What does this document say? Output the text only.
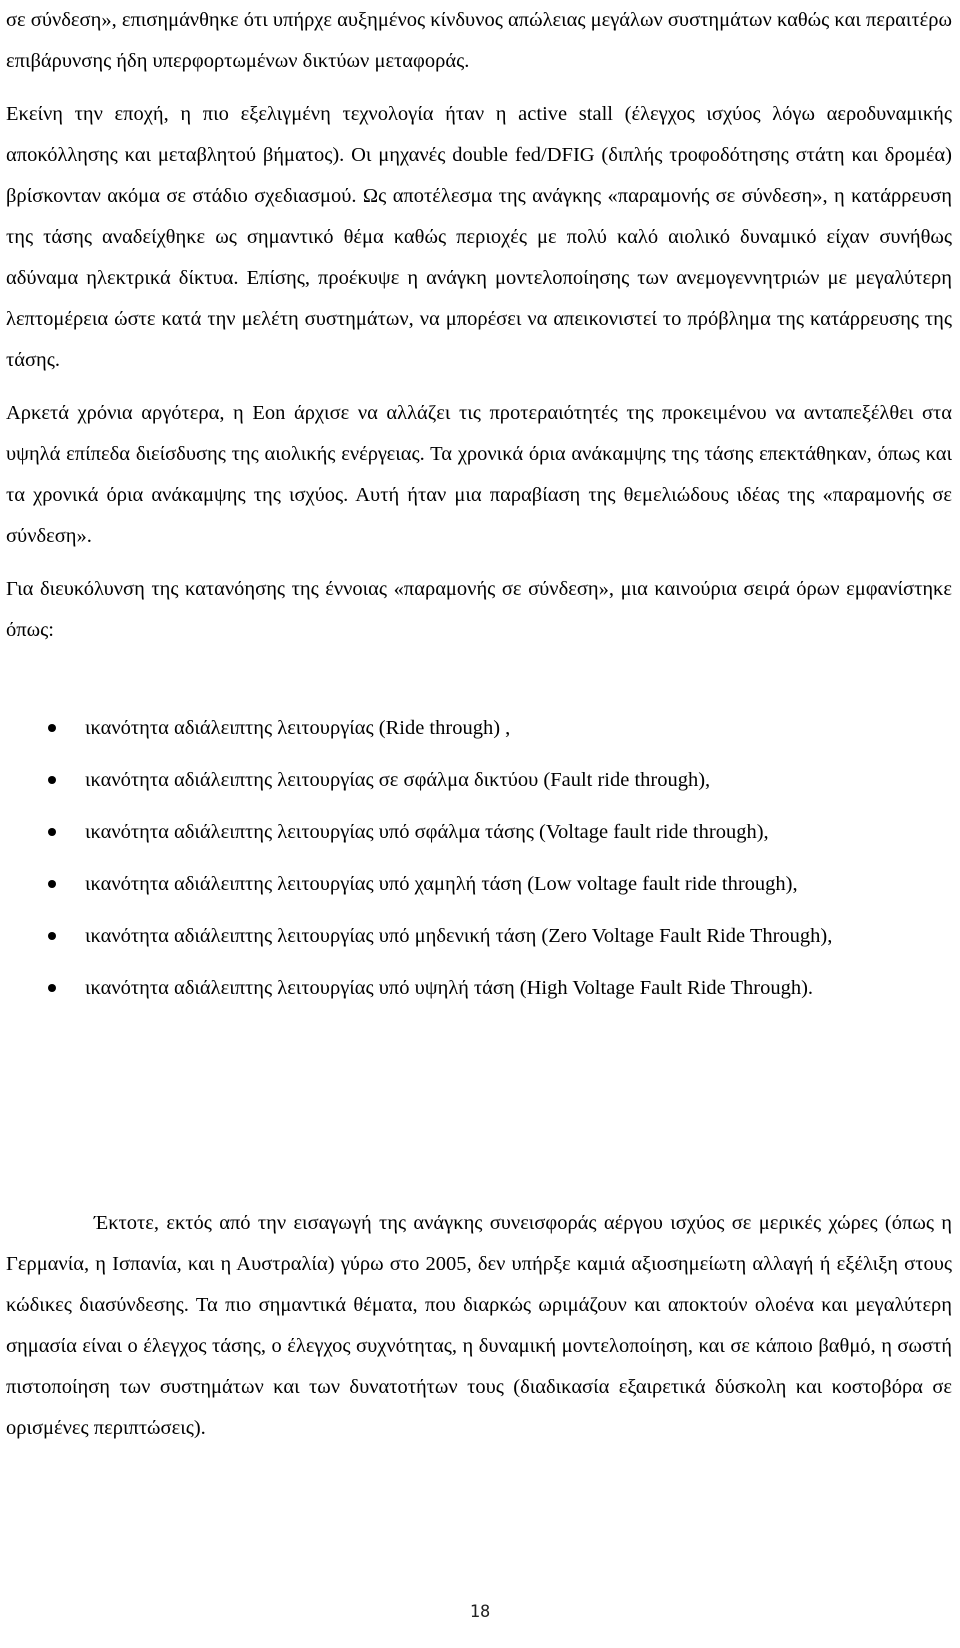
σε σύνδεση», επισημάνθηκε ότι υπήρχε αυξημένος κίνδυνος απώλειας μεγάλων συστημάτων καθώς και περαιτέρω επιβάρυνσης ήδη υπερφορτωμένων δικτύων μεταφοράς.

Εκείνη την εποχή, η πιο εξελιγμένη τεχνολογία ήταν η active stall (έλεγχος ισχύος λόγω αεροδυναμικής αποκόλλησης και μεταβλητού βήματος). Οι μηχανές double fed/DFIG (διπλής τροφοδότησης στάτη και δρομέα) βρίσκονταν ακόμα σε στάδιο σχεδιασμού. Ως αποτέλεσμα της ανάγκης «παραμονής σε σύνδεση», η κατάρρευση της τάσης αναδείχθηκε ως σημαντικό θέμα καθώς περιοχές με πολύ καλό αιολικό δυναμικό είχαν συνήθως αδύναμα ηλεκτρικά δίκτυα. Επίσης, προέκυψε η ανάγκη μοντελοποίησης των ανεμογεννητριών με μεγαλύτερη λεπτομέρεια ώστε κατά την μελέτη συστημάτων, να μπορέσει να απεικονιστεί το πρόβλημα της κατάρρευσης της τάσης.

Αρκετά χρόνια αργότερα, η Eon άρχισε να αλλάζει τις προτεραιότητές της προκειμένου να ανταπεξέλθει στα υψηλά επίπεδα διείσδυσης της αιολικής ενέργειας. Τα χρονικά όρια ανάκαμψης της τάσης επεκτάθηκαν, όπως και τα χρονικά όρια ανάκαμψης της ισχύος. Αυτή ήταν μια παραβίαση της θεμελιώδους ιδέας της «παραμονής σε σύνδεση».

Για διευκόλυνση της κατανόησης της έννοιας «παραμονής σε σύνδεση», μια καινούρια σειρά όρων εμφανίστηκε όπως:

ικανότητα αδιάλειπτης λειτουργίας (Ride through) ,
ικανότητα αδιάλειπτης λειτουργίας σε σφάλμα δικτύου (Fault ride through),
ικανότητα αδιάλειπτης λειτουργίας υπό σφάλμα τάσης (Voltage fault ride through),
ικανότητα αδιάλειπτης λειτουργίας υπό χαμηλή τάση (Low voltage fault ride through),
ικανότητα αδιάλειπτης λειτουργίας υπό μηδενική τάση (Zero Voltage Fault Ride Through),
ικανότητα αδιάλειπτης λειτουργίας υπό υψηλή τάση (High Voltage Fault Ride Through).

Έκτοτε, εκτός από την εισαγωγή της ανάγκης συνεισφοράς αέργου ισχύος σε μερικές χώρες (όπως η Γερμανία, η Ισπανία, και η Αυστραλία) γύρω στο 2005, δεν υπήρξε καμιά αξιοσημείωτη αλλαγή ή εξέλιξη στους κώδικες διασύνδεσης. Τα πιο σημαντικά θέματα, που διαρκώς ωριμάζουν και αποκτούν ολοένα και μεγαλύτερη σημασία είναι ο έλεγχος τάσης, ο έλεγχος συχνότητας, η δυναμική μοντελοποίηση, και σε κάποιο βαθμό, η σωστή πιστοποίηση των συστημάτων και των δυνατοτήτων τους (διαδικασία εξαιρετικά δύσκολη και κοστοβόρα σε ορισμένες περιπτώσεις).

18
